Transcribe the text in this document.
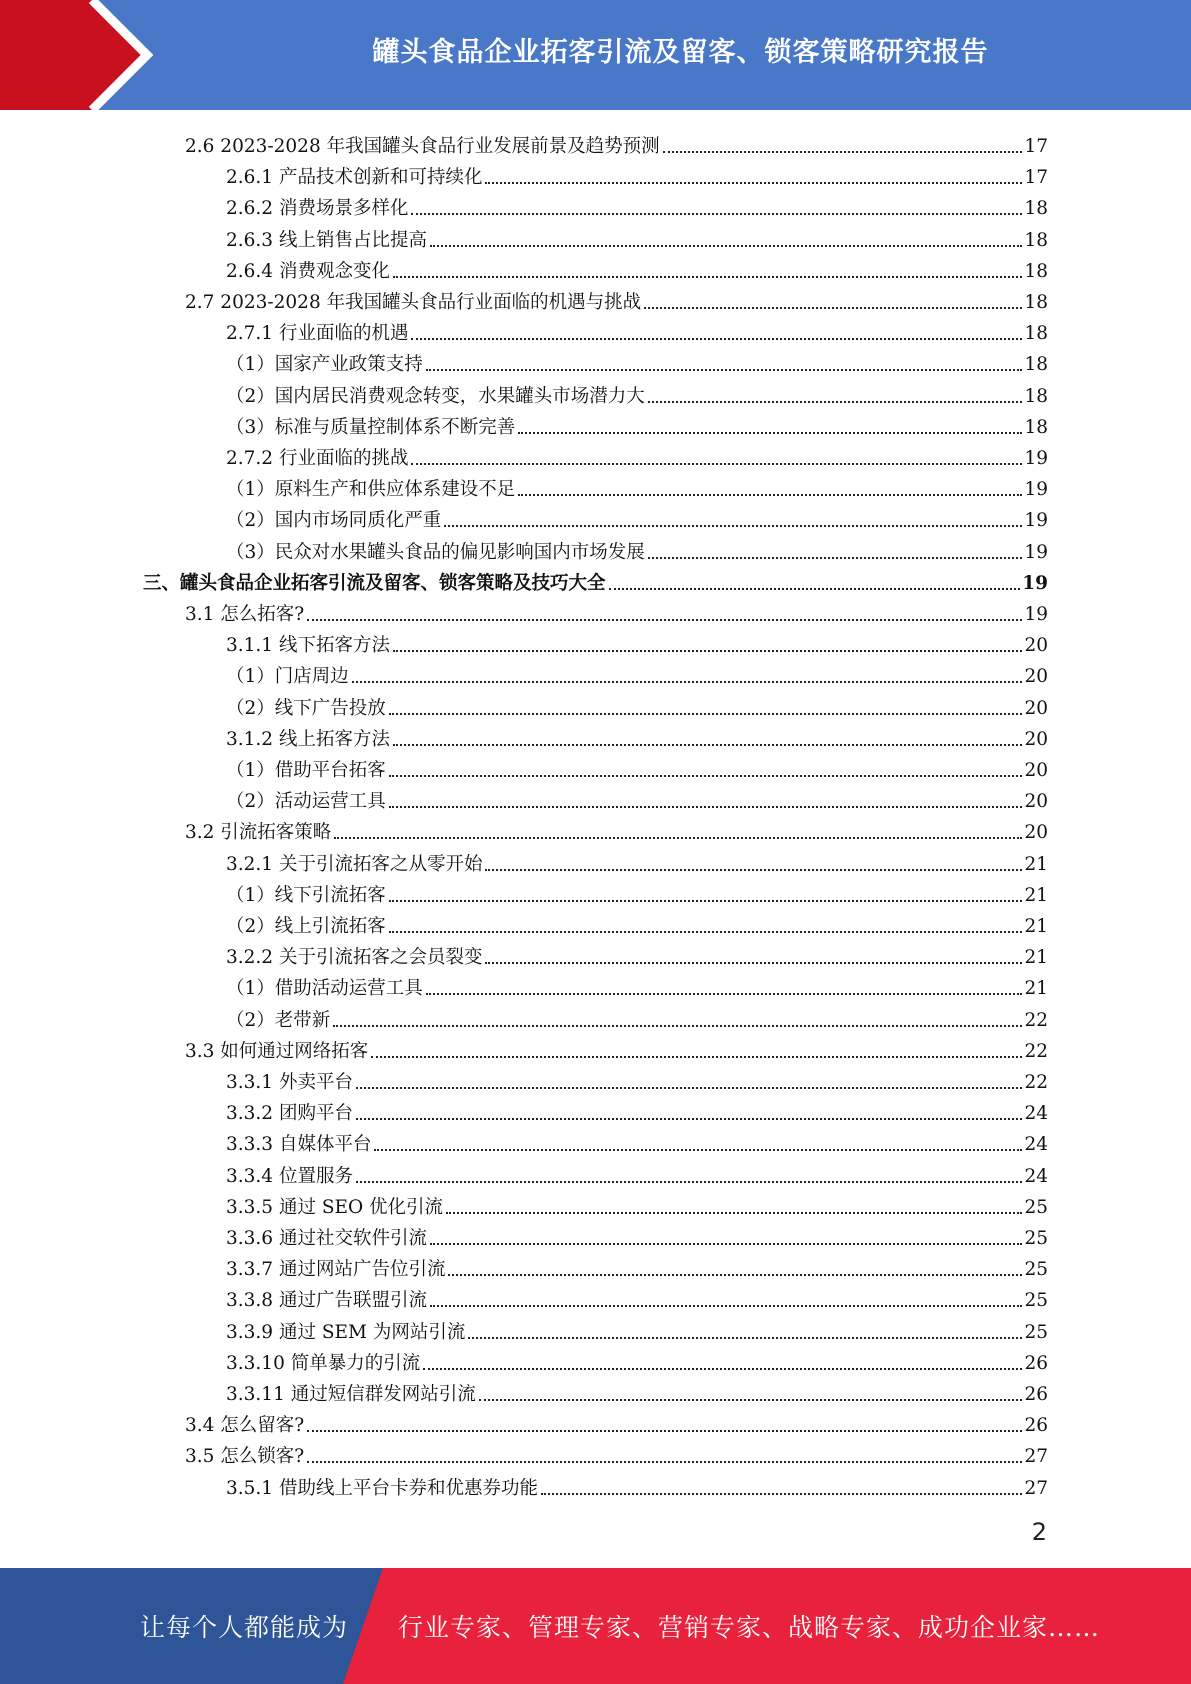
罐头食品企业拓客引流及留客、锁客策略研究报告
2.6 2023-2028 年我国罐头食品行业发展前景及趋势预测	17
2.6.1 产品技术创新和可持续化	17
2.6.2 消费场景多样化	18
2.6.3 线上销售占比提高	18
2.6.4 消费观念变化	18
2.7 2023-2028 年我国罐头食品行业面临的机遇与挑战	18
2.7.1 行业面临的机遇	18
（1）国家产业政策支持	18
（2）国内居民消费观念转变，水果罐头市场潜力大	18
（3）标准与质量控制体系不断完善	18
2.7.2 行业面临的挑战	19
（1）原料生产和供应体系建设不足	19
（2）国内市场同质化严重	19
（3）民众对水果罐头食品的偏见影响国内市场发展	19
三、罐头食品企业拓客引流及留客、锁客策略及技巧大全	19
3.1 怎么拓客?	19
3.1.1 线下拓客方法	20
（1）门店周边	20
（2）线下广告投放	20
3.1.2 线上拓客方法	20
（1）借助平台拓客	20
（2）活动运营工具	20
3.2 引流拓客策略	20
3.2.1 关于引流拓客之从零开始	21
（1）线下引流拓客	21
（2）线上引流拓客	21
3.2.2 关于引流拓客之会员裂变	21
（1）借助活动运营工具	21
（2）老带新	22
3.3 如何通过网络拓客	22
3.3.1 外卖平台	22
3.3.2 团购平台	24
3.3.3 自媒体平台	24
3.3.4 位置服务	24
3.3.5 通过 SEO 优化引流	25
3.3.6 通过社交软件引流	25
3.3.7 通过网站广告位引流	25
3.3.8 通过广告联盟引流	25
3.3.9 通过 SEM 为网站引流	25
3.3.10 简单暴力的引流	26
3.3.11 通过短信群发网站引流	26
3.4 怎么留客?	26
3.5 怎么锁客?	27
3.5.1 借助线上平台卡券和优惠券功能	27
2
让每个人都能成为 行业专家、管理专家、营销专家、战略专家、成功企业家……
